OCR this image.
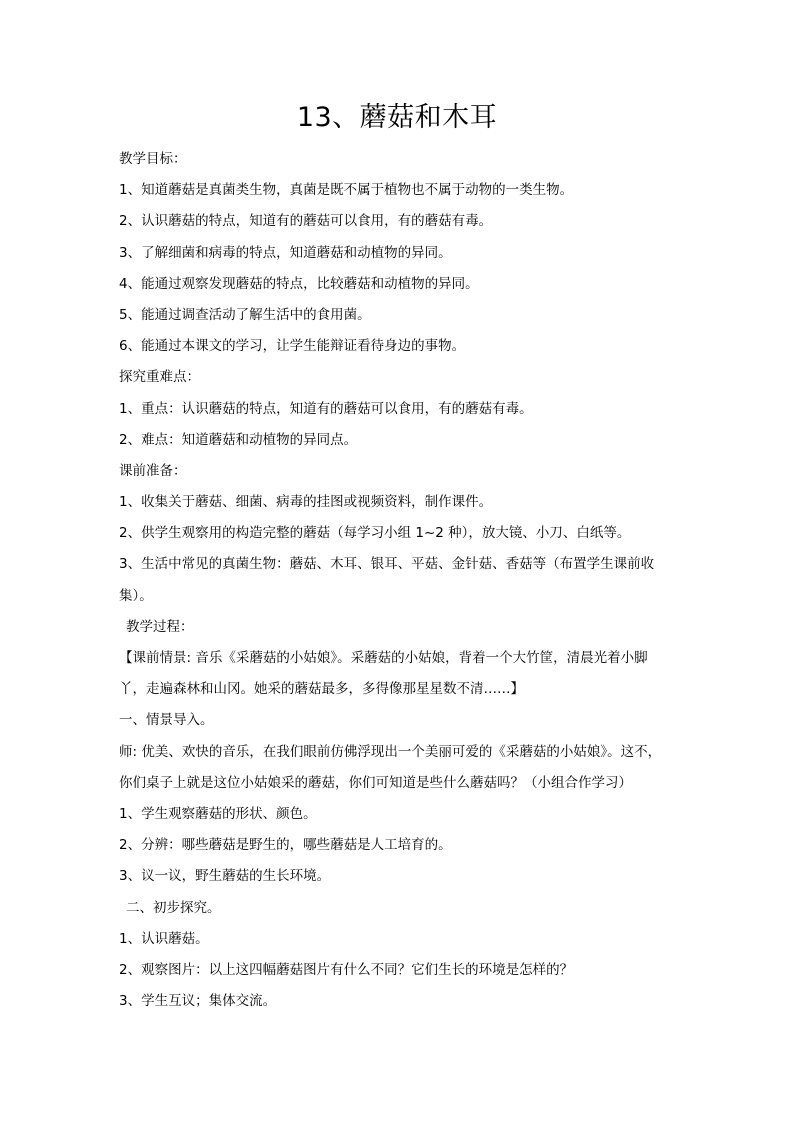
13、蘑菇和木耳
教学目标：
1、知道蘑菇是真菌类生物，真菌是既不属于植物也不属于动物的一类生物。
2、认识蘑菇的特点，知道有的蘑菇可以食用，有的蘑菇有毒。
3、了解细菌和病毒的特点，知道蘑菇和动植物的异同。
4、能通过观察发现蘑菇的特点，比较蘑菇和动植物的异同。
5、能通过调查活动了解生活中的食用菌。
6、能通过本课文的学习，让学生能辩证看待身边的事物。
探究重难点：
1、重点：认识蘑菇的特点，知道有的蘑菇可以食用，有的蘑菇有毒。
2、难点：知道蘑菇和动植物的异同点。
课前准备：
1、收集关于蘑菇、细菌、病毒的挂图或视频资料，制作课件。
2、供学生观察用的构造完整的蘑菇（每学习小组 1~2 种），放大镜、小刀、白纸等。
3、生活中常见的真菌生物：蘑菇、木耳、银耳、平菇、金针菇、香菇等（布置学生课前收
集）。
教学过程：
【课前情景: 音乐《采蘑菇的小姑娘》。采蘑菇的小姑娘，背着一个大竹筐，清晨光着小脚
丫，走遍森林和山冈。她采的蘑菇最多，多得像那星星数不清……】
一、情景导入。
师: 优美、欢快的音乐，在我们眼前仿佛浮现出一个美丽可爱的《采蘑菇的小姑娘》。这不，
你们桌子上就是这位小姑娘采的蘑菇，你们可知道是些什么蘑菇吗？（小组合作学习）
1、学生观察蘑菇的形状、颜色。
2、分辨：哪些蘑菇是野生的，哪些蘑菇是人工培育的。
3、议一议，野生蘑菇的生长环境。
二、初步探究。
1、认识蘑菇。
2、观察图片：以上这四幅蘑菇图片有什么不同？它们生长的环境是怎样的？
3、学生互议；集体交流。
